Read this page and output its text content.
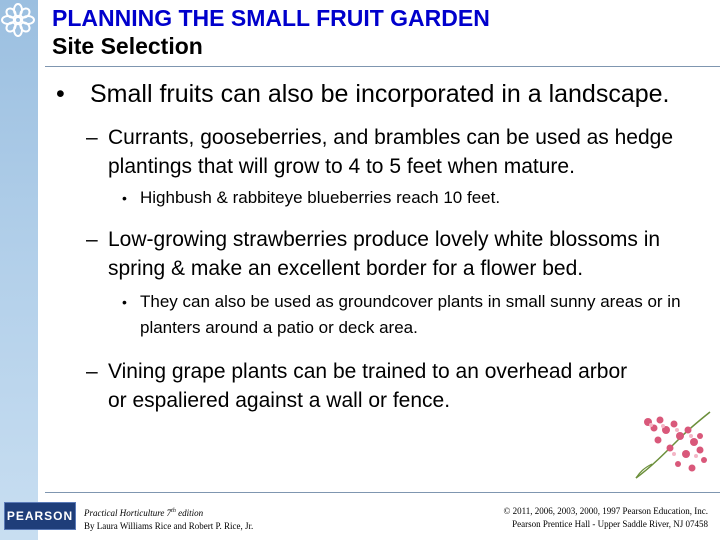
PLANNING THE SMALL FRUIT GARDEN
Site Selection
• Small fruits can also be incorporated in a landscape.
– Currants, gooseberries, and brambles can be used as hedge plantings that will grow to 4 to 5 feet when mature.
• Highbush & rabbiteye blueberries reach 10 feet.
– Low-growing strawberries produce lovely white blossoms in spring & make an excellent border for a flower bed.
• They can also be used as groundcover plants in small sunny areas or in planters around a patio or deck area.
– Vining grape plants can be trained to an overhead arbor or espaliered against a wall or fence.
PEARSON	Practical Horticulture 7th edition
By Laura Williams Rice and Robert P. Rice, Jr.
© 2011, 2006, 2003, 2000, 1997 Pearson Education, Inc.
Pearson Prentice Hall - Upper Saddle River, NJ 07458
